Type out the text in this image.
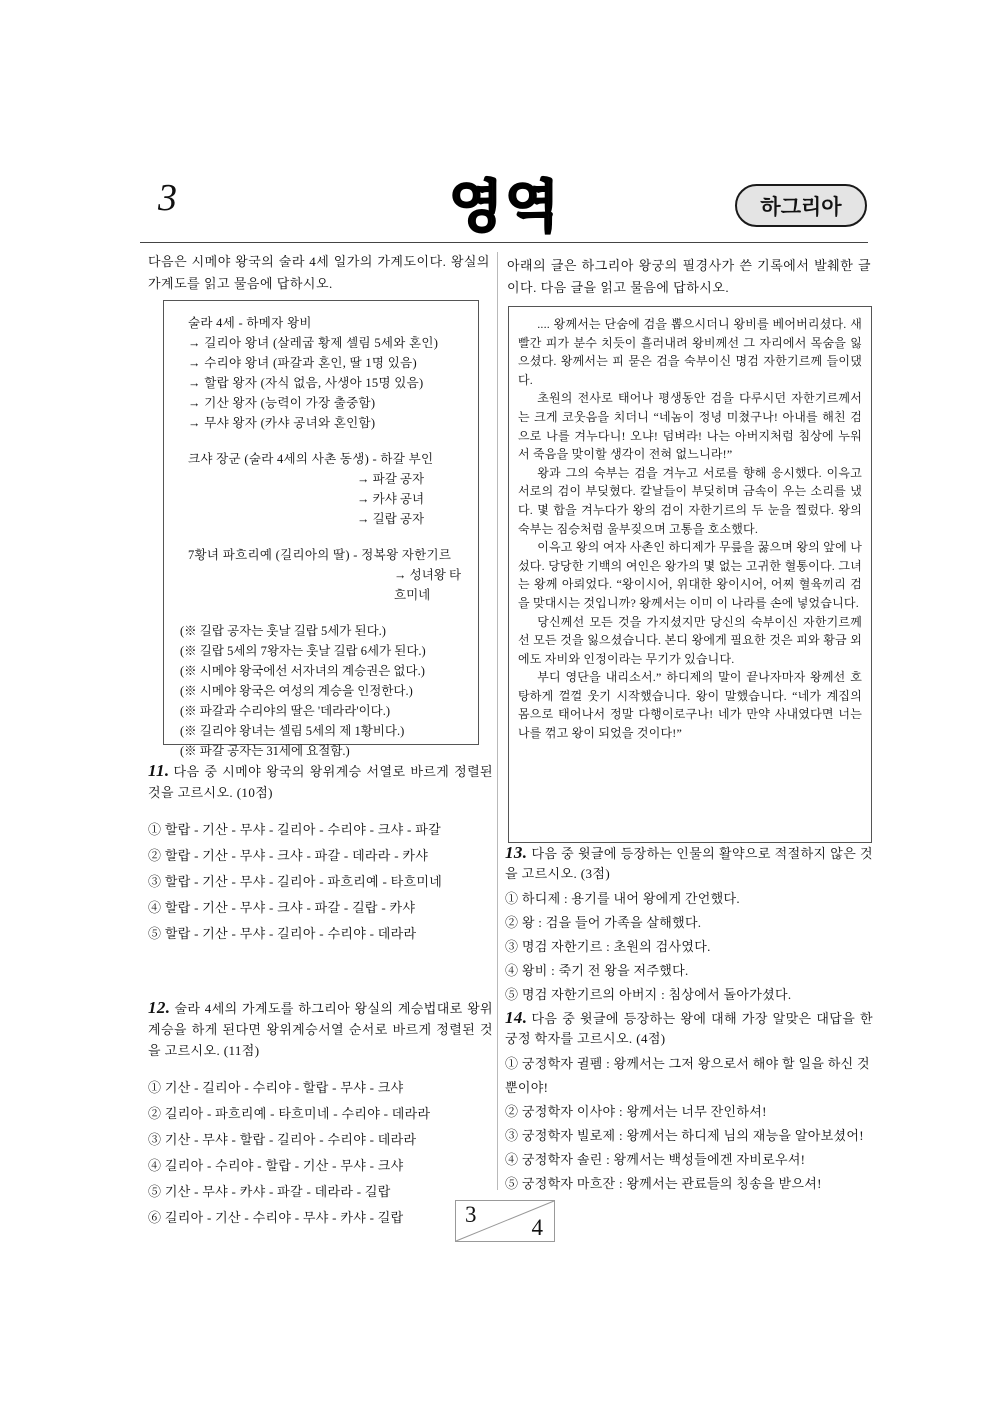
3	영역	하그리아

다음은 시메야 왕국의 술라 4세 일가의 가계도이다. 왕실의 가계도를 읽고 물음에 답하시오.

술라 4세 - 하메자 왕비
→ 길리아 왕녀 (살레굽 황제 셀림 5세와 혼인)
→ 수리야 왕녀 (파갈과 혼인, 딸 1명 있음)
→ 할랍 왕자 (자식 없음, 사생아 15명 있음)
→ 기산 왕자 (능력이 가장 출중함)
→ 무샤 왕자 (카샤 공녀와 혼인함)
크샤 장군 (술라 4세의 사촌 동생) - 하갈 부인
→ 파갈 공자
→ 카샤 공녀
→ 길랍 공자
7황녀 파흐리예 (길리아의 딸) - 정복왕 자한기르
→ 성녀왕 타흐미네
(※ 길랍 공자는 훗날 길랍 5세가 된다.)
(※ 길랍 5세의 7왕자는 훗날 길랍 6세가 된다.)
(※ 시메야 왕국에선 서자녀의 계승권은 없다.)
(※ 시메야 왕국은 여성의 계승을 인정한다.)
(※ 파갈과 수리야의 딸은 '데라라'이다.)
(※ 길리야 왕녀는 셀림 5세의 제 1황비다.)
(※ 파갈 공자는 31세에 요절함.)

11. 다음 중 시메야 왕국의 왕위계승 서열로 바르게 정렬된 것을 고르시오. (10점)

① 할랍 - 기산 - 무샤 - 길리아 - 수리야 - 크샤 - 파갈
② 할랍 - 기산 - 무샤 - 크샤 - 파갈 - 데라라 - 카샤
③ 할랍 - 기산 - 무샤 - 길리아 - 파흐리예 - 타흐미네
④ 할랍 - 기산 - 무샤 - 크샤 - 파갈 - 길랍 - 카샤
⑤ 할랍 - 기산 - 무샤 - 길리아 - 수리야 - 데라라

12. 술라 4세의 가계도를 하그리아 왕실의 계승법대로 왕위계승을 하게 된다면 왕위계승서열 순서로 바르게 정렬된 것을 고르시오. (11점)

① 기산 - 길리아 - 수리야 - 할랍 - 무샤 - 크샤
② 길리아 - 파흐리예 - 타흐미네 - 수리야 - 데라라
③ 기산 - 무샤 - 할랍 - 길리아 - 수리야 - 데라라
④ 길리아 - 수리야 - 할랍 - 기산 - 무샤 - 크샤
⑤ 기산 - 무샤 - 카샤 - 파갈 - 데라라 - 길랍
⑥ 길리아 - 기산 - 수리야 - 무샤 - 카샤 - 길랍

아래의 글은 하그리아 왕궁의 필경사가 쓴 기록에서 발췌한 글이다. 다음 글을 읽고 물음에 답하시오.

.... 왕께서는 단숨에 검을 뽑으시더니 왕비를 베어버리셨다. 새빨간 피가 분수 치듯이 흘러내려 왕비께선 그 자리에서 목숨을 잃으셨다. 왕께서는 피 묻은 검을 숙부이신 명검 자한기르께 들이댔다.

초원의 전사로 태어나 평생동안 검을 다루시던 자한기르께서는 크게 코웃음을 치더니 “네놈이 정녕 미쳤구나! 아내를 해친 검으로 나를 겨누다니! 오냐! 덤벼라! 나는 아버지처럼 침상에 누워서 죽음을 맞이할 생각이 전혀 없느니라!”

왕과 그의 숙부는 검을 겨누고 서로를 향해 응시했다. 이윽고 서로의 검이 부딪혔다. 칼날들이 부딪히며 금속이 우는 소리를 냈다. 몇 합을 겨누다가 왕의 검이 자한기르의 두 눈을 찔렀다. 왕의 숙부는 짐승처럼 울부짖으며 고통을 호소했다.

이윽고 왕의 여자 사촌인 하디제가 무릎을 꿇으며 왕의 앞에 나섰다. 당당한 기백의 여인은 왕가의 몇 없는 고귀한 혈통이다. 그녀는 왕께 아뢰었다. “왕이시어, 위대한 왕이시어, 어찌 혈육끼리 검을 맞대시는 것입니까? 왕께서는 이미 이 나라를 손에 넣었습니다.

당신께선 모든 것을 가지셨지만 당신의 숙부이신 자한기르께선 모든 것을 잃으셨습니다. 본디 왕에게 필요한 것은 피와 황금 외에도 자비와 인정이라는 무기가 있습니다.

부디 영단을 내리소서.” 하디제의 말이 끝나자마자 왕께선 호탕하게 껄껄 웃기 시작했습니다. 왕이 말했습니다. “네가 계집의 몸으로 태어나서 정말 다행이로구나! 네가 만약 사내였다면 너는 나를 꺾고 왕이 되었을 것이다!”

13. 다음 중 윗글에 등장하는 인물의 활약으로 적절하지 않은 것을 고르시오. (3점)

① 하디제 : 용기를 내어 왕에게 간언했다.
② 왕 : 검을 들어 가족을 살해했다.
③ 명검 자한기르 : 초원의 검사였다.
④ 왕비 : 죽기 전 왕을 저주했다.
⑤ 명검 자한기르의 아버지 : 침상에서 돌아가셨다.

14. 다음 중 윗글에 등장하는 왕에 대해 가장 알맞은 대답을 한 궁정 학자를 고르시오. (4점)

① 궁정학자 귈펨 : 왕께서는 그저 왕으로서 해야 할 일을 하신 것 뿐이야!
② 궁정학자 이사야 : 왕께서는 너무 잔인하셔!
③ 궁정학자 빌로제 : 왕께서는 하디제 님의 재능을 알아보셨어!
④ 궁정학자 솔린 : 왕께서는 백성들에겐 자비로우셔!
⑤ 궁정학자 마흐잔 : 왕께서는 관료들의 칭송을 받으셔!
3
4
